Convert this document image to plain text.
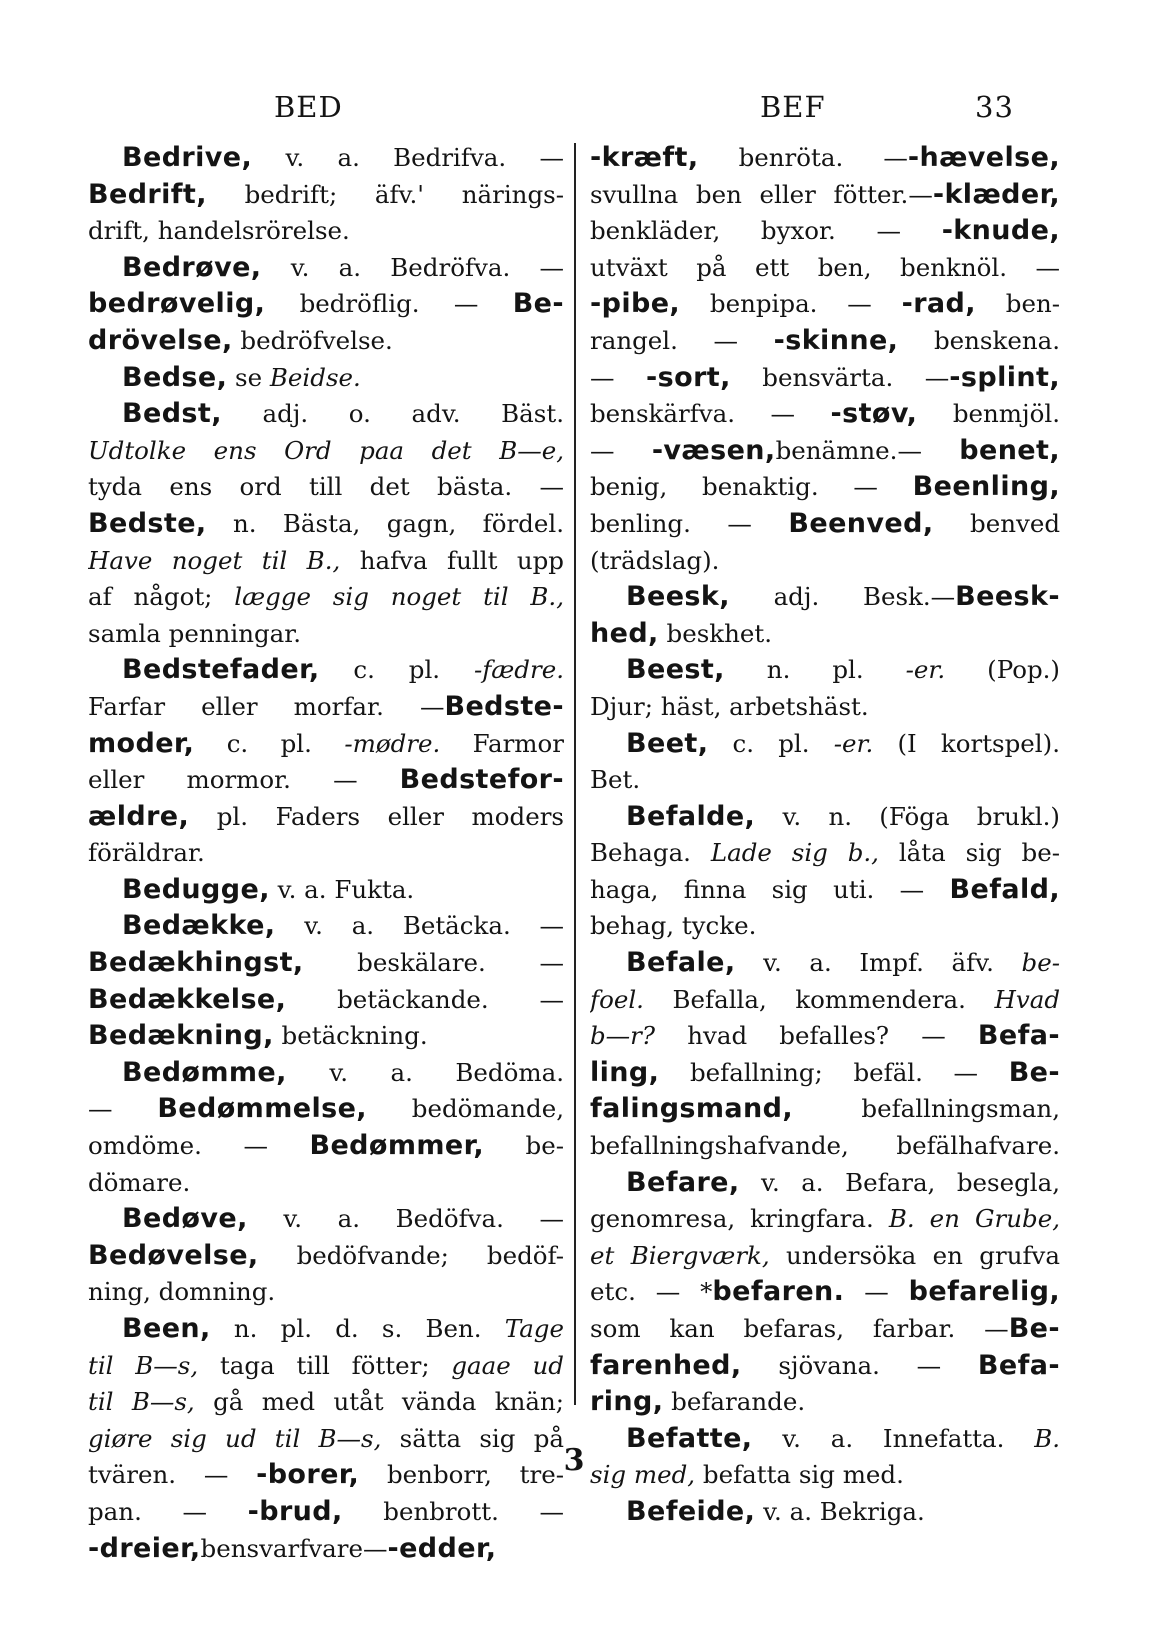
BED	BEF	33
Bedrive, v. a. Bedrifva. —
Bedrift, bedrift; äfv.' närings-
drift, handelsrörelse.
Bedrøve, v. a. Bedröfva. —
bedrøvelig, bedröflig. — Be-
drövelse, bedröfvelse.
Bedse, se Beidse.
Bedst, adj. o. adv. Bäst.
Udtolke ens Ord paa det B—e,
tyda ens ord till det bästa. —
Bedste, n. Bästa, gagn, fördel.
Have noget til B., hafva fullt upp
af något; lægge sig noget til B.,
samla penningar.
Bedstefader, c. pl. -fædre.
Farfar eller morfar. —Bedste-
moder, c. pl. -mødre. Farmor
eller mormor. — Bedstefor-
ældre, pl. Faders eller moders
föräldrar.
Bedugge, v. a. Fukta.
Bedække, v. a. Betäcka. —
Bedækhingst, beskälare. —
Bedækkelse, betäckande. —
Bedækning, betäckning.
Bedømme, v. a. Bedöma.
— Bedømmelse, bedömande,
omdöme. — Bedømmer, be-
dömare.
Bedøve, v. a. Bedöfva. —
Bedøvelse, bedöfvande; bedöf-
ning, domning.
Been, n. pl. d. s. Ben. Tage
til B—s, taga till fötter; gaae ud
til B—s, gå med utåt vända knän;
giøre sig ud til B—s, sätta sig på
tvären. — -borer, benborr, tre-
pan. — -brud, benbrott. —
-dreier,bensvarfvare—-edder,
-kræft, benröta. —-hævelse,
svullna ben eller fötter.—-klæder,
benkläder, byxor. — -knude,
utväxt på ett ben, benknöl. —
-pibe, benpipa. — -rad, ben-
rangel. — -skinne, benskena.
— -sort, bensvärta. —-splint,
benskärfva. — -støv, benmjöl.
— -væsen,benämne.— benet,
benig, benaktig. — Beenling,
benling. — Beenved, benved
(trädslag).
Beesk, adj. Besk.—Beesk-
hed, beskhet.
Beest, n. pl. -er. (Pop.)
Djur; häst, arbetshäst.
Beet, c. pl. -er. (I kortspel).
Bet.
Befalde, v. n. (Föga brukl.)
Behaga. Lade sig b., låta sig be-
haga, finna sig uti. — Befald,
behag, tycke.
Befale, v. a. Impf. äfv. be-
foel. Befalla, kommendera. Hvad
b—r? hvad befalles? — Befa-
ling, befallning; befäl. — Be-
falingsmand, befallningsman,
befallningshafvande, befälhafvare.
Befare, v. a. Befara, besegla,
genomresa, kringfara. B. en Grube,
et Biergværk, undersöka en grufva
etc. — *befaren. — befarelig,
som kan befaras, farbar. —Be-
farenhed, sjövana. — Befa-
ring, befarande.
Befatte, v. a. Innefatta. B.
sig med, befatta sig med.
Befeide, v. a. Bekriga.
3
